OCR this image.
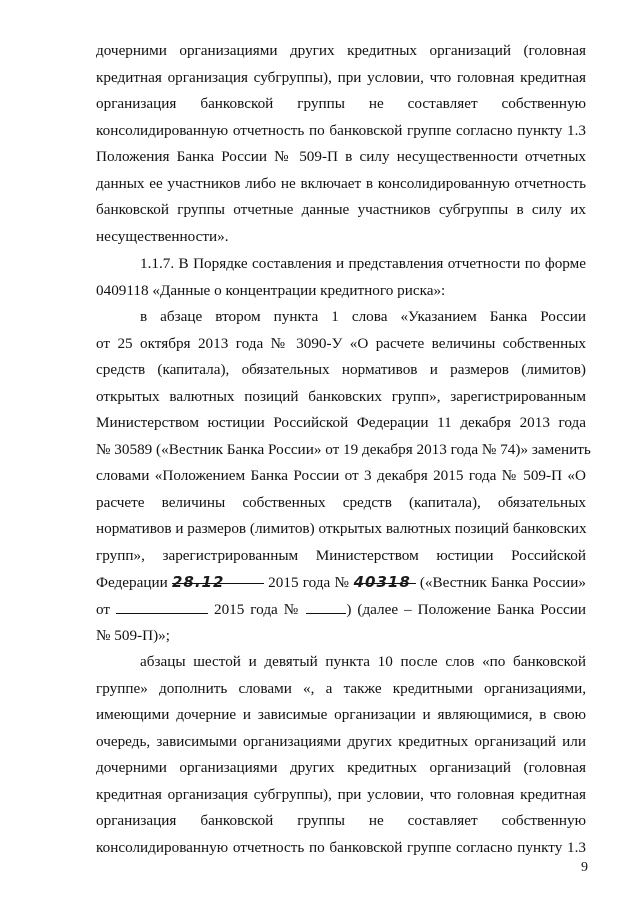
дочерними организациями других кредитных организаций (головная
кредитная организация субгруппы), при условии, что головная кредитная
организация банковской группы не составляет собственную
консолидированную отчетность по банковской группе согласно пункту 1.3
Положения Банка России № 509-П в силу несущественности отчетных
данных ее участников либо не включает в консолидированную отчетность
банковской группы отчетные данные участников субгруппы в силу их
несущественности».

1.1.7. В Порядке составления и представления отчетности по форме
0409118 «Данные о концентрации кредитного риска»:

в абзаце втором пункта 1 слова «Указанием Банка России
от 25 октября 2013 года № 3090-У «О расчете величины собственных
средств (капитала), обязательных нормативов и размеров (лимитов)
открытых валютных позиций банковских групп», зарегистрированным
Министерством юстиции Российской Федерации 11 декабря 2013 года
№ 30589 («Вестник Банка России» от 19 декабря 2013 года № 74)» заменить
словами «Положением Банка России от 3 декабря 2015 года № 509-П «О
расчете величины собственных средств (капитала), обязательных
нормативов и размеров (лимитов) открытых валютных позиций банковских
групп», зарегистрированным Министерством юстиции Российской
Федерации 28.12	2015 года № 40318 («Вестник Банка России»
от	2015 года №	) (далее – Положение Банка России
№ 509-П)»;

абзацы шестой и девятый пункта 10 после слов «по банковской
группе» дополнить словами «, а также кредитными организациями,
имеющими дочерние и зависимые организации и являющимися, в свою
очередь, зависимыми организациями других кредитных организаций или
дочерними организациями других кредитных организаций (головная
кредитная организация субгруппы), при условии, что головная кредитная
организация банковской группы не составляет собственную
консолидированную отчетность по банковской группе согласно пункту 1.3

9
